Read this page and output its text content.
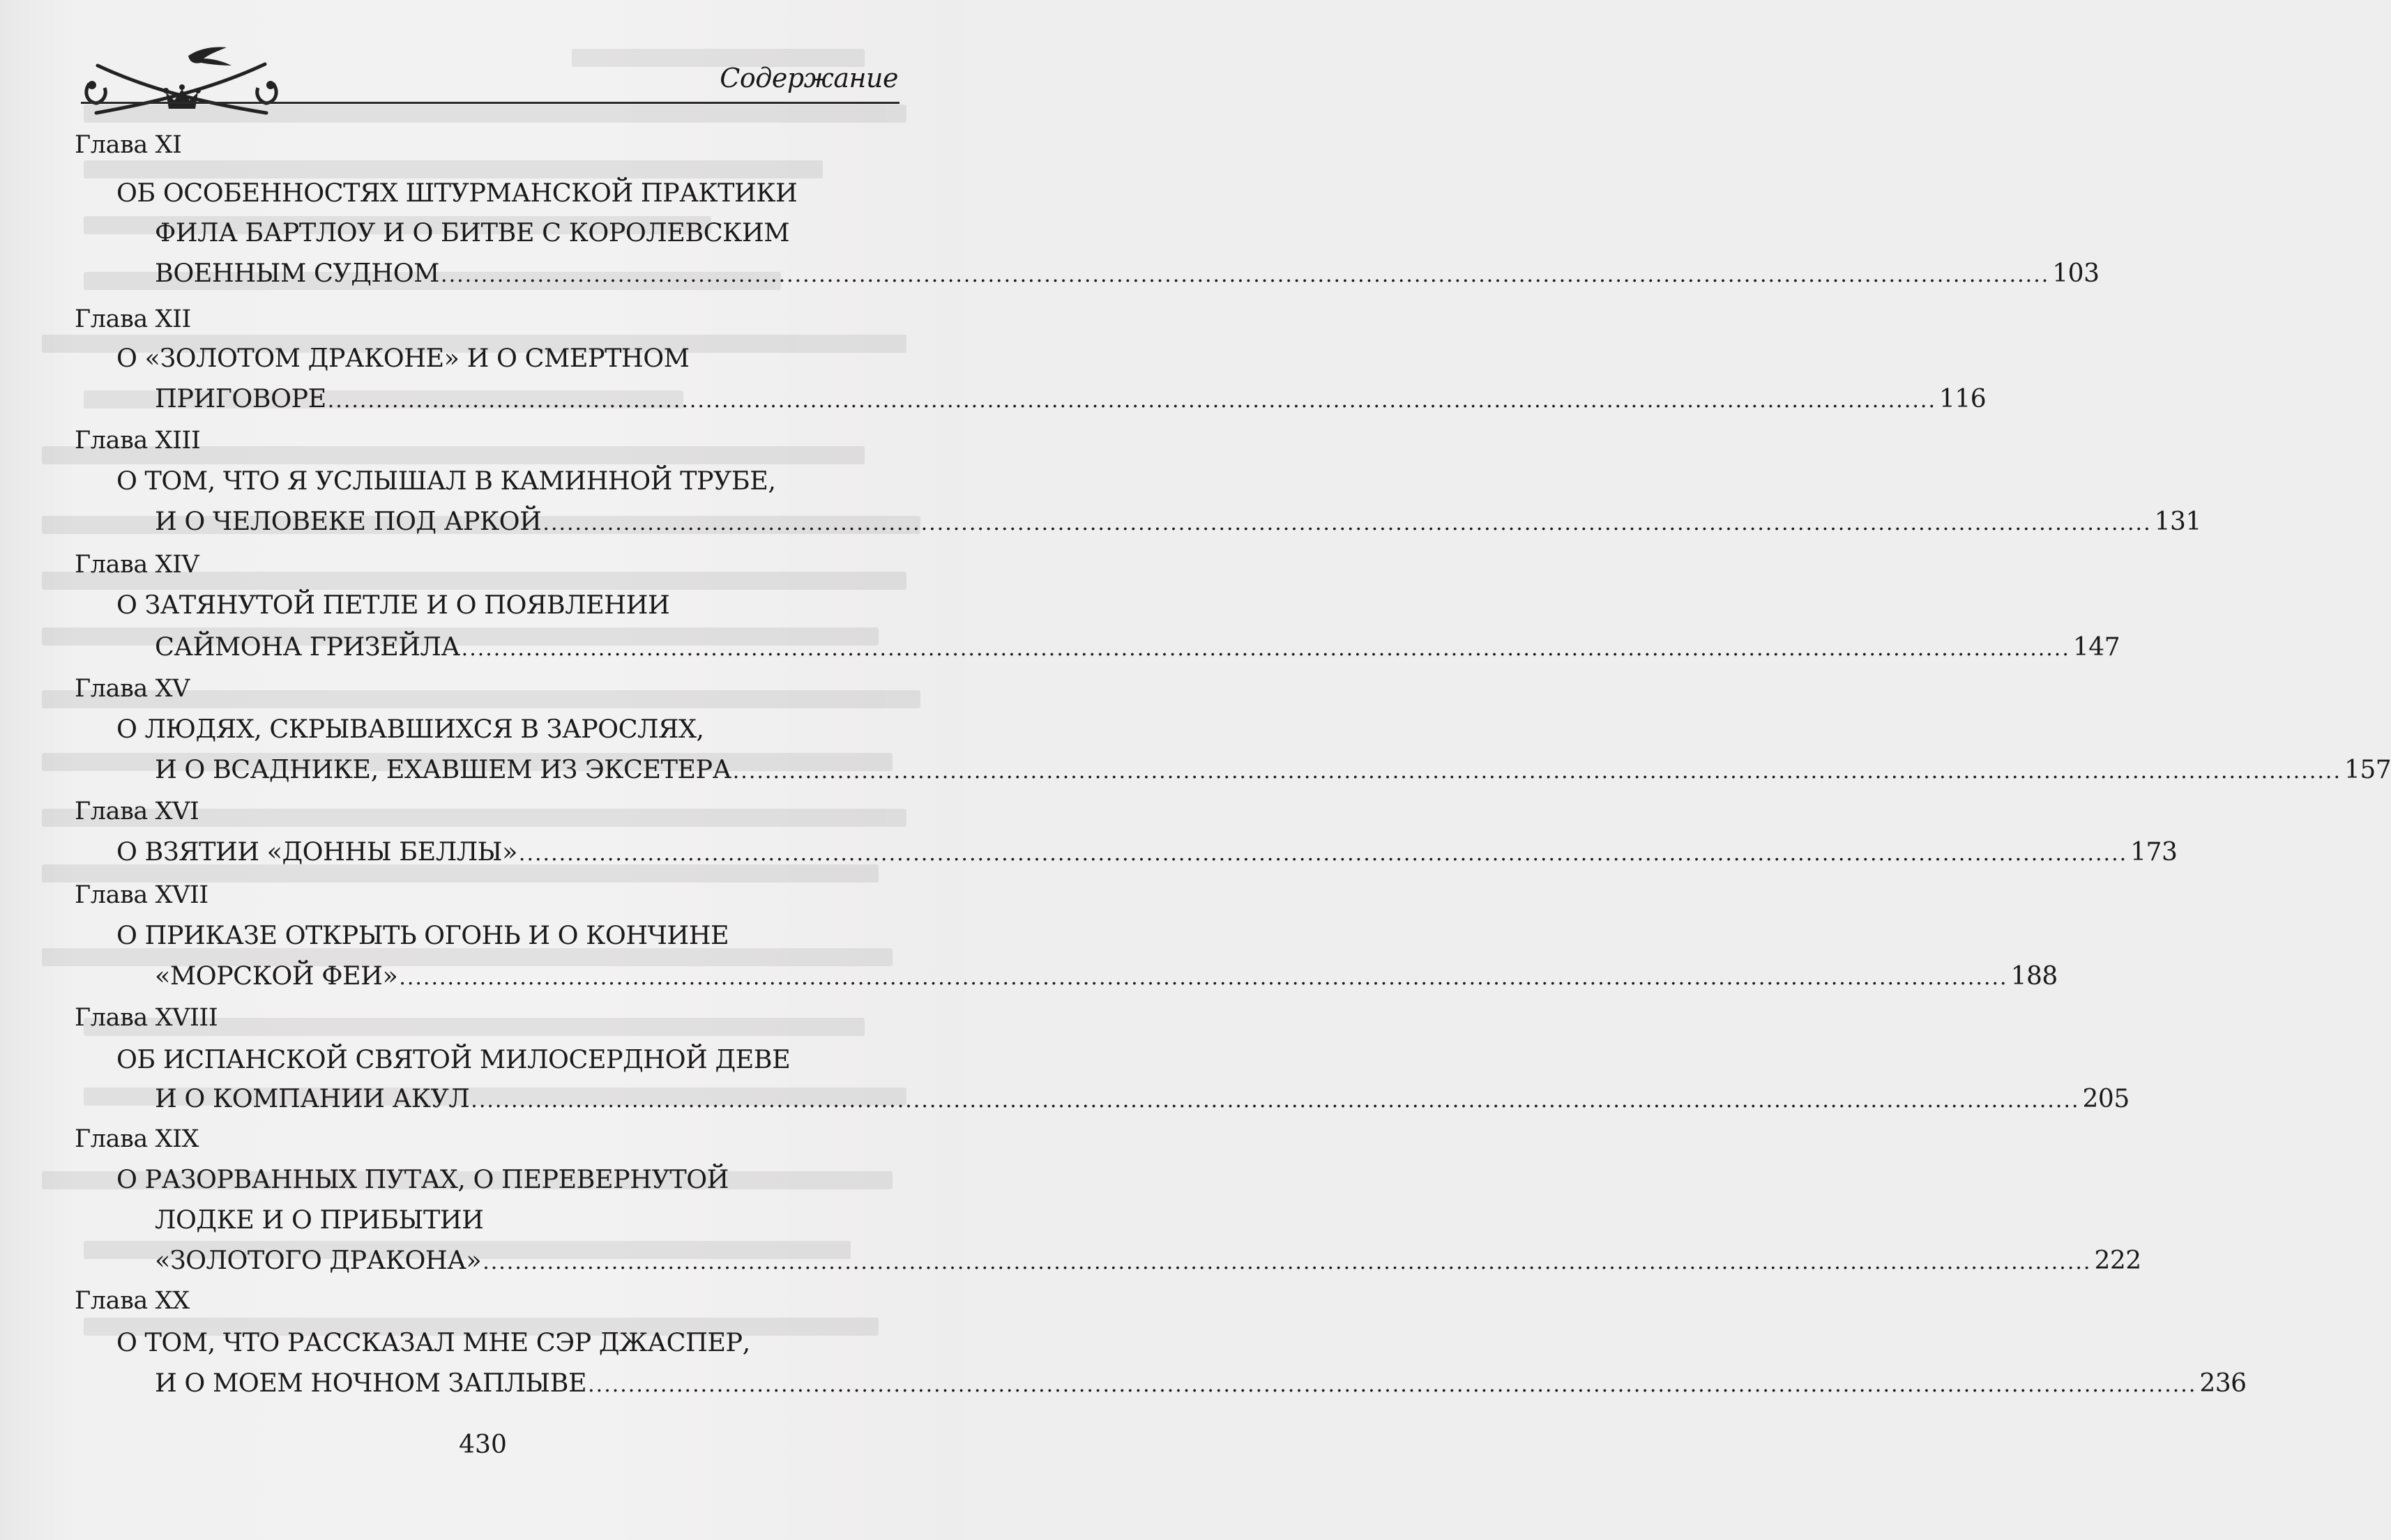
Содержание
Глава XI
ОБ ОСОБЕННОСТЯХ ШТУРМАНСКОЙ ПРАКТИКИ
ФИЛА БАРТЛОУ И О БИТВЕ С КОРОЛЕВСКИМ
ВОЕННЫМ СУДНОМ ........................................................................................................................................................................................................ 103
Глава XII
О «ЗОЛОТОМ ДРАКОНЕ» И О СМЕРТНОМ
ПРИГОВОРЕ ........................................................................................................................................................................................................ 116
Глава XIII
О ТОМ, ЧТО Я УСЛЫШАЛ В КАМИННОЙ ТРУБЕ,
И О ЧЕЛОВЕКЕ ПОД АРКОЙ ........................................................................................................................................................................................................ 131
Глава XIV
О ЗАТЯНУТОЙ ПЕТЛЕ И О ПОЯВЛЕНИИ
САЙМОНА ГРИЗЕЙЛА ........................................................................................................................................................................................................ 147
Глава XV
О ЛЮДЯХ, СКРЫВАВШИХСЯ В ЗАРОСЛЯХ,
И О ВСАДНИКЕ, ЕХАВШЕМ ИЗ ЭКСЕТЕРА ........................................................................................................................................................................................................ 157
Глава XVI
О ВЗЯТИИ «ДОННЫ БЕЛЛЫ» ........................................................................................................................................................................................................ 173
Глава XVII
О ПРИКАЗЕ ОТКРЫТЬ ОГОНЬ И О КОНЧИНЕ
«МОРСКОЙ ФЕИ» ........................................................................................................................................................................................................ 188
Глава XVIII
ОБ ИСПАНСКОЙ СВЯТОЙ МИЛОСЕРДНОЙ ДЕВЕ
И О КОМПАНИИ АКУЛ ........................................................................................................................................................................................................ 205
Глава XIX
О РАЗОРВАННЫХ ПУТАХ, О ПЕРЕВЕРНУТОЙ
ЛОДКЕ И О ПРИБЫТИИ
«ЗОЛОТОГО ДРАКОНА» ........................................................................................................................................................................................................ 222
Глава XX
О ТОМ, ЧТО РАССКАЗАЛ МНЕ СЭР ДЖАСПЕР,
И О МОЕМ НОЧНОМ ЗАПЛЫВЕ ........................................................................................................................................................................................................ 236
430
